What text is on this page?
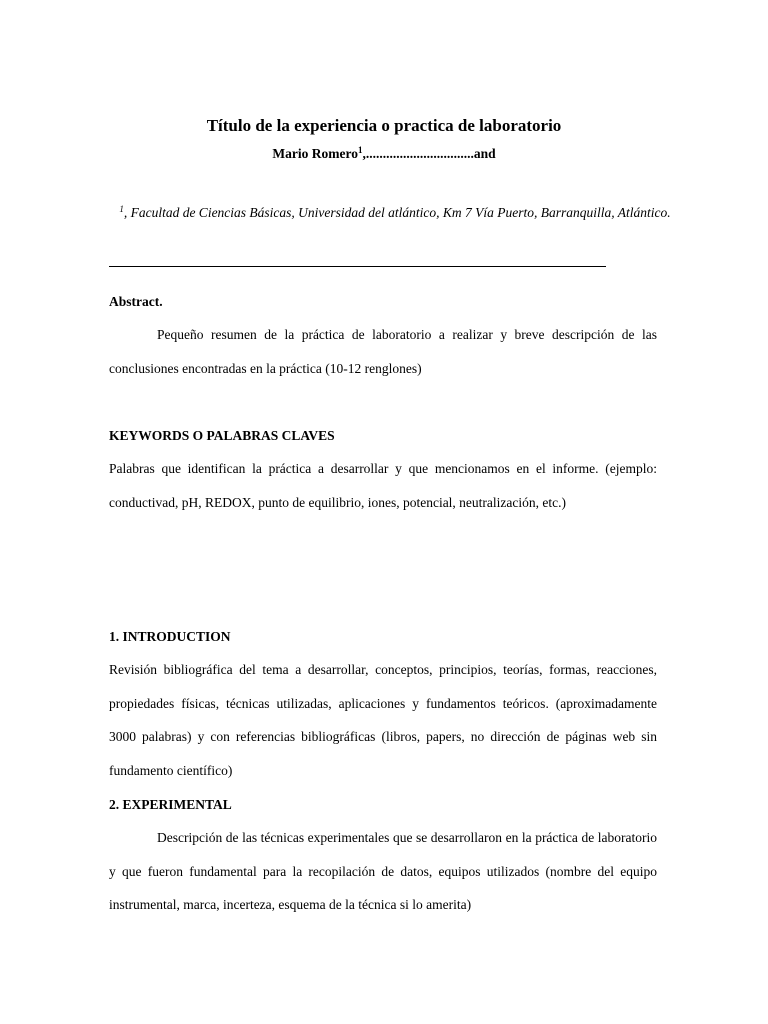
Título de la experiencia o practica de laboratorio
Mario Romero$^1$,................................and
$^1$, Facultad de Ciencias Básicas, Universidad del atlántico, Km 7 Vía Puerto, Barranquilla, Atlántico.
Abstract.
Pequeño resumen de la práctica de laboratorio a realizar y breve descripción de las conclusiones encontradas en la práctica (10-12 renglones)
KEYWORDS O PALABRAS CLAVES
Palabras que identifican la práctica a desarrollar y que mencionamos en el informe. (ejemplo: conductivad, pH, REDOX, punto de equilibrio, iones, potencial, neutralización, etc.)
1. INTRODUCTION
Revisión bibliográfica del tema a desarrollar, conceptos, principios, teorías, formas, reacciones, propiedades físicas, técnicas utilizadas, aplicaciones y fundamentos teóricos. (aproximadamente 3000 palabras) y con referencias bibliográficas (libros, papers, no dirección de páginas web sin fundamento científico)
2. EXPERIMENTAL
Descripción de las técnicas experimentales que se desarrollaron en la práctica de laboratorio y que fueron fundamental para la recopilación de datos, equipos utilizados (nombre del equipo instrumental, marca, incerteza, esquema de la técnica si lo amerita)
